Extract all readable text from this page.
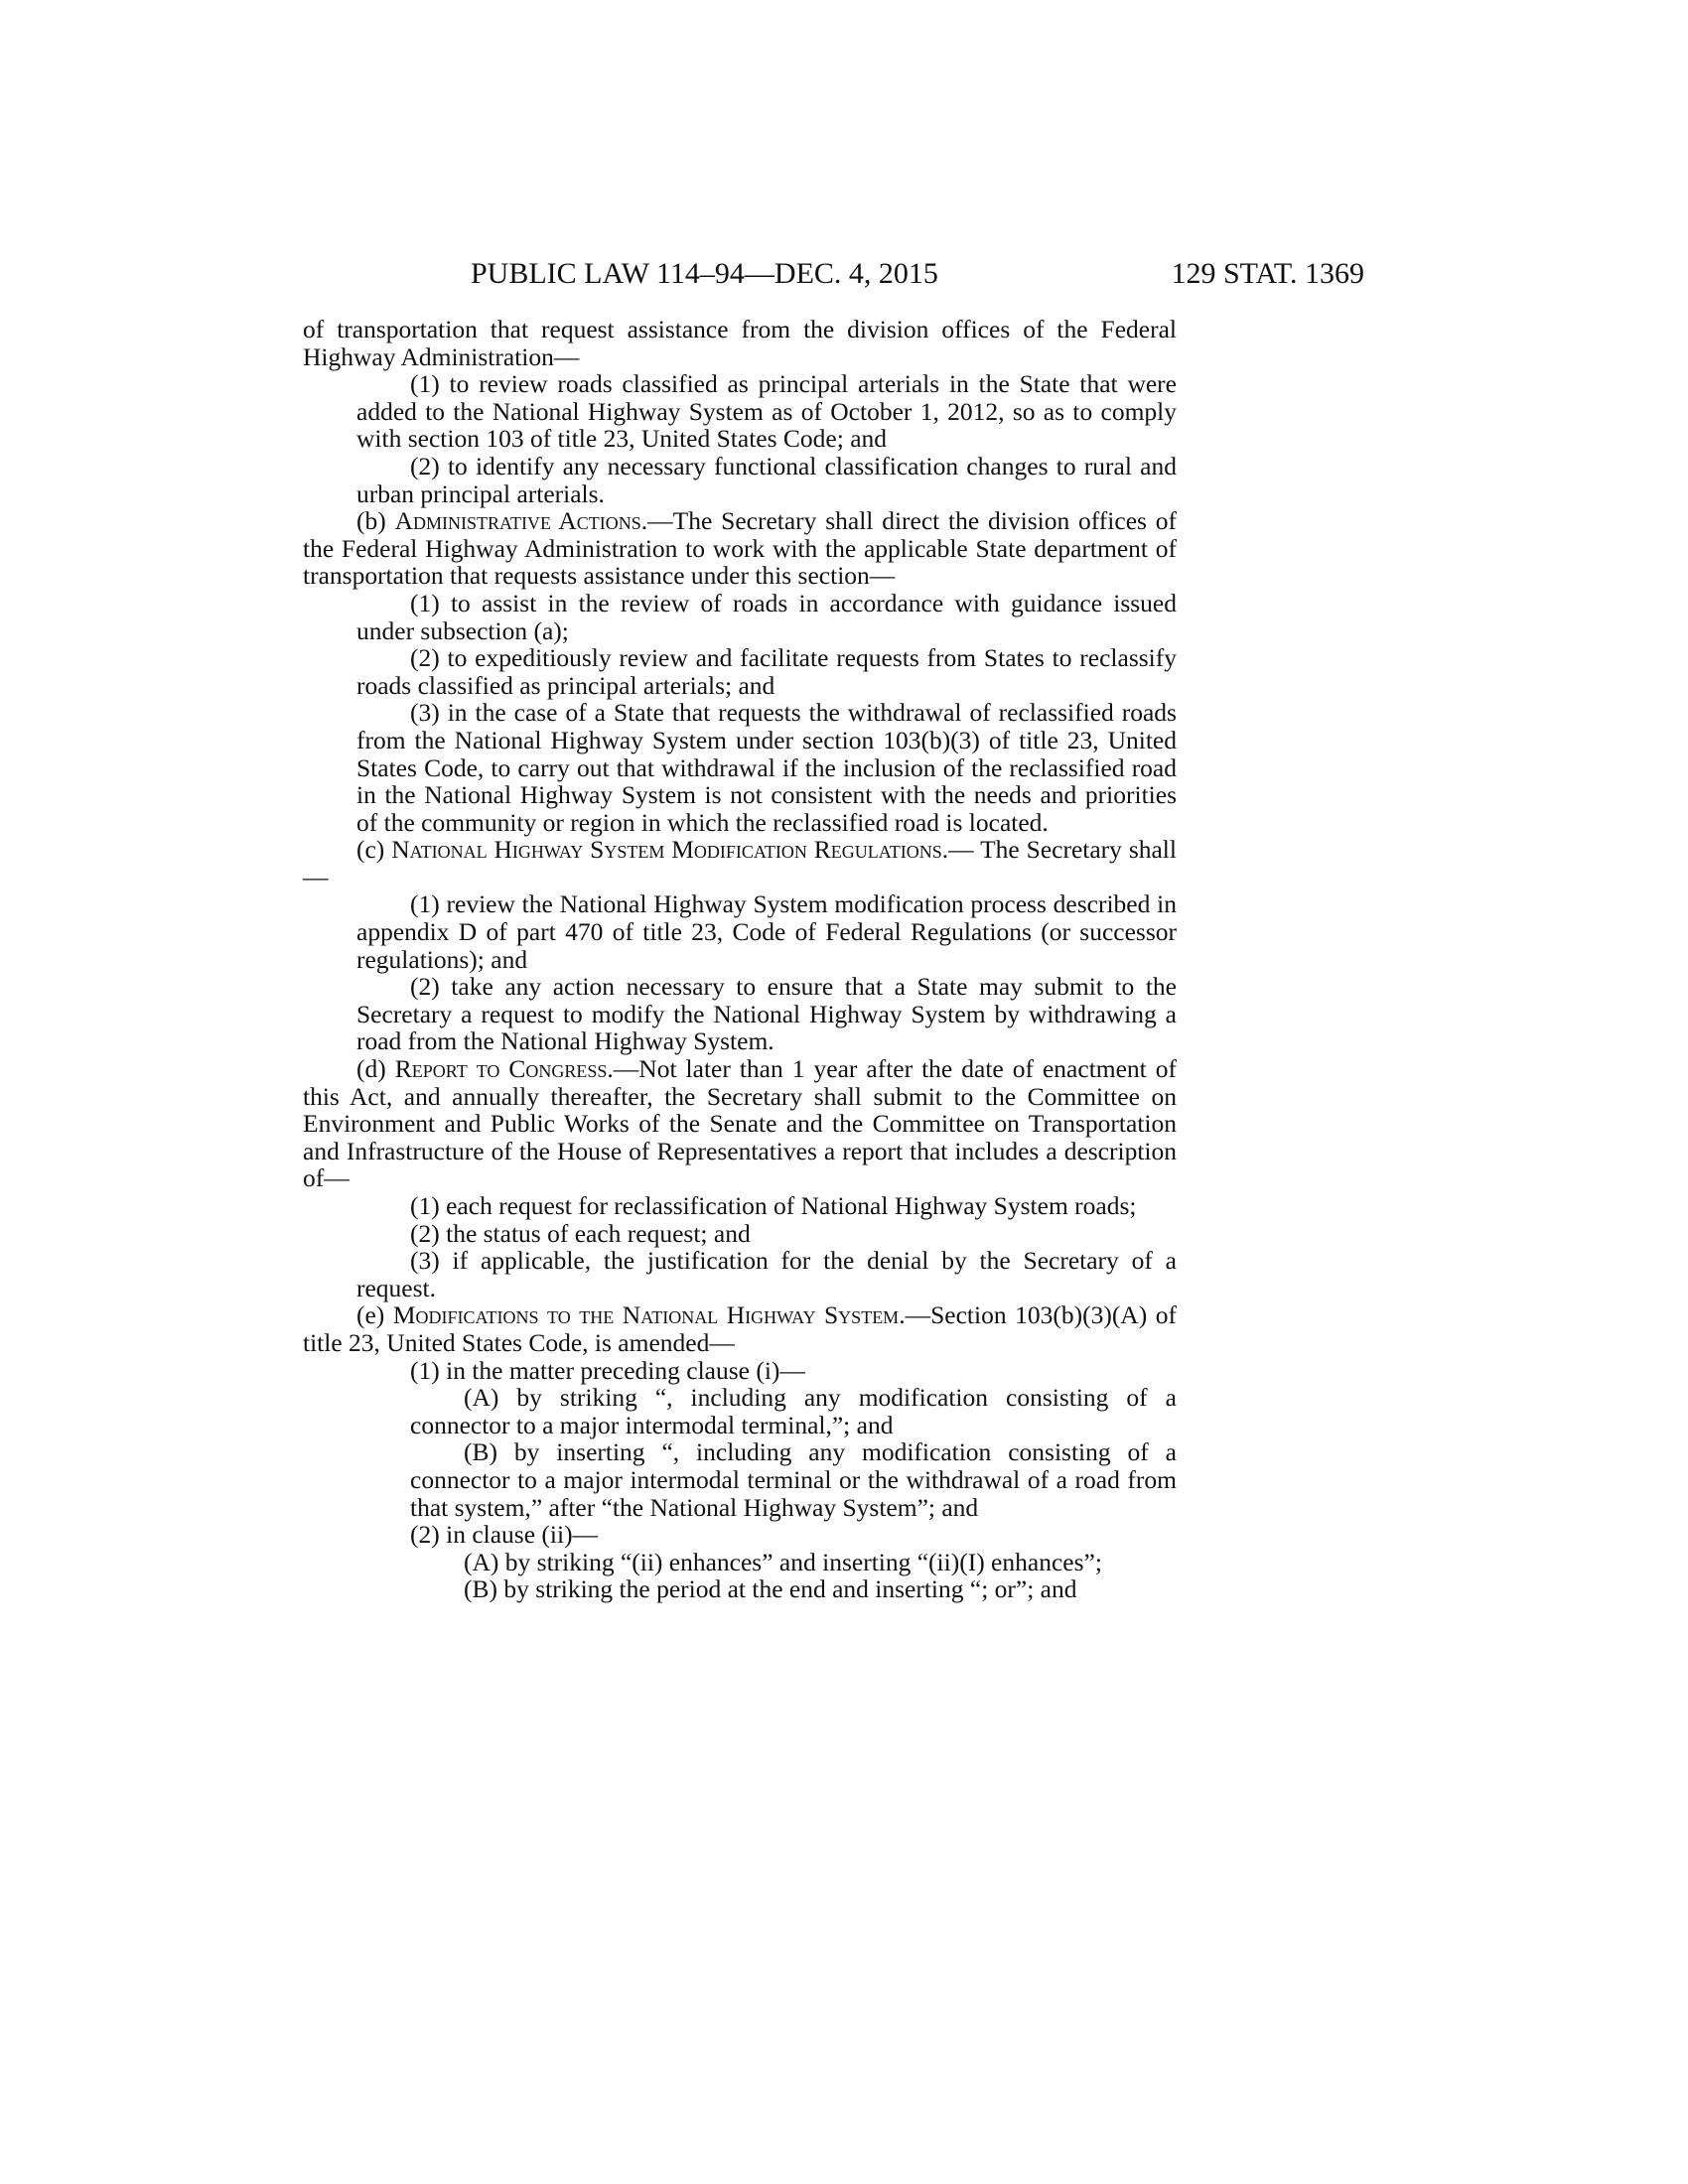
PUBLIC LAW 114–94—DEC. 4, 2015	129 STAT. 1369

of transportation that request assistance from the division offices of the Federal Highway Administration—

(1) to review roads classified as principal arterials in the State that were added to the National Highway System as of October 1, 2012, so as to comply with section 103 of title 23, United States Code; and

(2) to identify any necessary functional classification changes to rural and urban principal arterials.

(b) Administrative Actions.—The Secretary shall direct the division offices of the Federal Highway Administration to work with the applicable State department of transportation that requests assistance under this section—

(1) to assist in the review of roads in accordance with guidance issued under subsection (a);

(2) to expeditiously review and facilitate requests from States to reclassify roads classified as principal arterials; and

(3) in the case of a State that requests the withdrawal of reclassified roads from the National Highway System under section 103(b)(3) of title 23, United States Code, to carry out that withdrawal if the inclusion of the reclassified road in the National Highway System is not consistent with the needs and priorities of the community or region in which the reclassified road is located.

(c) National Highway System Modification Regulations.— The Secretary shall—

(1) review the National Highway System modification process described in appendix D of part 470 of title 23, Code of Federal Regulations (or successor regulations); and

(2) take any action necessary to ensure that a State may submit to the Secretary a request to modify the National Highway System by withdrawing a road from the National Highway System.

(d) Report to Congress.—Not later than 1 year after the date of enactment of this Act, and annually thereafter, the Secretary shall submit to the Committee on Environment and Public Works of the Senate and the Committee on Transportation and Infrastructure of the House of Representatives a report that includes a description of—

(1) each request for reclassification of National Highway System roads;

(2) the status of each request; and

(3) if applicable, the justification for the denial by the Secretary of a request.

(e) Modifications to the National Highway System.—Section 103(b)(3)(A) of title 23, United States Code, is amended—

(1) in the matter preceding clause (i)—

(A) by striking “, including any modification consisting of a connector to a major intermodal terminal,”; and

(B) by inserting “, including any modification consisting of a connector to a major intermodal terminal or the withdrawal of a road from that system,” after “the National Highway System”; and

(2) in clause (ii)—

(A) by striking “(ii) enhances” and inserting “(ii)(I) enhances”;

(B) by striking the period at the end and inserting “; or”; and
